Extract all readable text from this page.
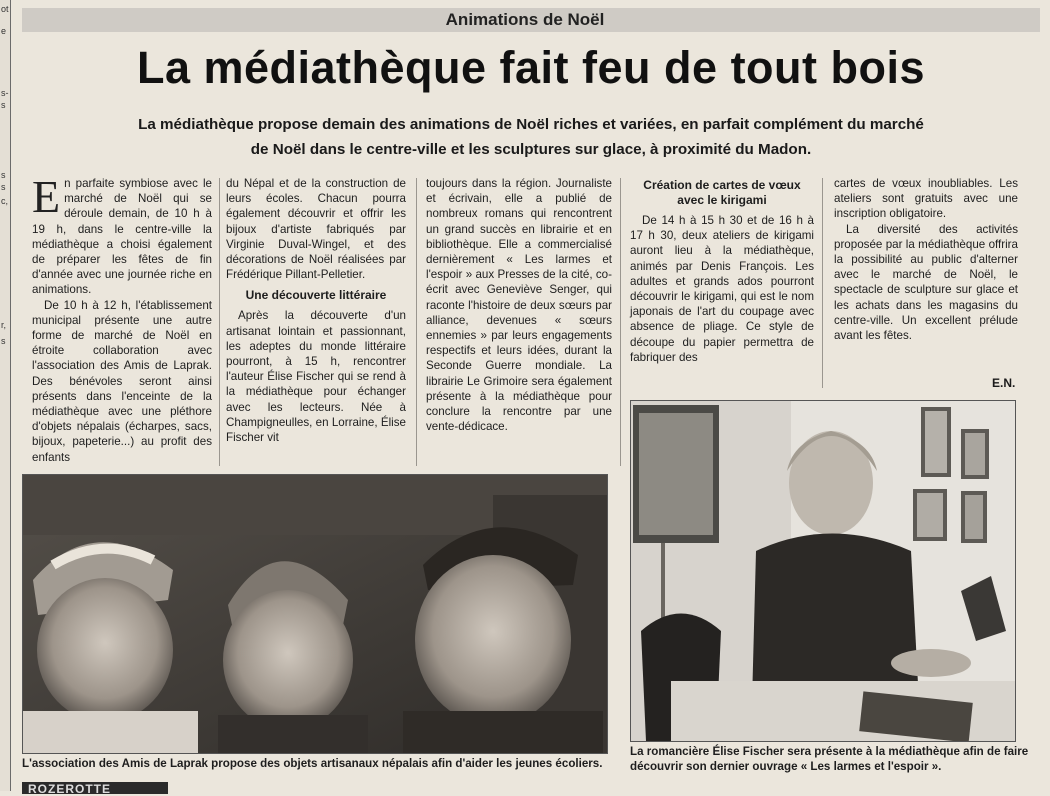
ot
e
s-
s
s
s
c,
r,
s
Animations de Noël
La médiathèque fait feu de tout bois
La médiathèque propose demain des animations de Noël riches et variées, en parfait complément du marché
de Noël dans le centre-ville et les sculptures sur glace, à proximité du Madon.

En parfaite symbiose avec le marché de Noël qui se déroule demain, de 10 h à 19 h, dans le centre-ville la médiathèque a choisi également de préparer les fêtes de fin d'année avec une journée riche en animations.

De 10 h à 12 h, l'établissement municipal présente une autre forme de marché de Noël en étroite collaboration avec l'association des Amis de Laprak. Des bénévoles seront ainsi présents dans l'enceinte de la médiathèque avec une pléthore d'objets népalais (écharpes, sacs, bijoux, papeterie...) au profit des enfants

du Népal et de la construction de leurs écoles. Chacun pourra également découvrir et offrir les bijoux d'artiste fabriqués par Virginie Duval-Wingel, et des décorations de Noël réalisées par Frédérique Pillant-Pelletier.

Une découverte littéraire

Après la découverte d'un artisanat lointain et passionnant, les adeptes du monde littéraire pourront, à 15 h, rencontrer l'auteur Élise Fischer qui se rend à la médiathèque pour échanger avec les lecteurs. Née à Champigneulles, en Lorraine, Élise Fischer vit

toujours dans la région. Journaliste et écrivain, elle a publié de nombreux romans qui rencontrent un grand succès en librairie et en bibliothèque. Elle a commercialisé dernièrement « Les larmes et l'espoir » aux Presses de la cité, co-écrit avec Geneviève Senger, qui raconte l'histoire de deux sœurs par alliance, devenues « sœurs ennemies » par leurs engagements respectifs et leurs idées, durant la Seconde Guerre mondiale. La librairie Le Grimoire sera également présente à la médiathèque pour conclure la rencontre par une vente-dédicace.

Création de cartes de vœux avec le kirigami

De 14 h à 15 h 30 et de 16 h à 17 h 30, deux ateliers de kirigami auront lieu à la médiathèque, animés par Denis François. Les adultes et grands ados pourront découvrir le kirigami, qui est le nom japonais de l'art du coupage avec absence de pliage. Ce style de découpe du papier permettra de fabriquer des

cartes de vœux inoubliables. Les ateliers sont gratuits avec une inscription obligatoire.

La diversité des activités proposée par la médiathèque offrira la possibilité au public d'alterner avec le marché de Noël, le spectacle de sculpture sur glace et les achats dans les magasins du centre-ville. Un excellent prélude avant les fêtes.

E.N.
L'association des Amis de Laprak propose des objets artisanaux népalais afin d'aider les jeunes écoliers.
La romancière Élise Fischer sera présente à la médiathèque afin de faire découvrir son dernier ouvrage « Les larmes et l'espoir ».
ROZEROTTE
